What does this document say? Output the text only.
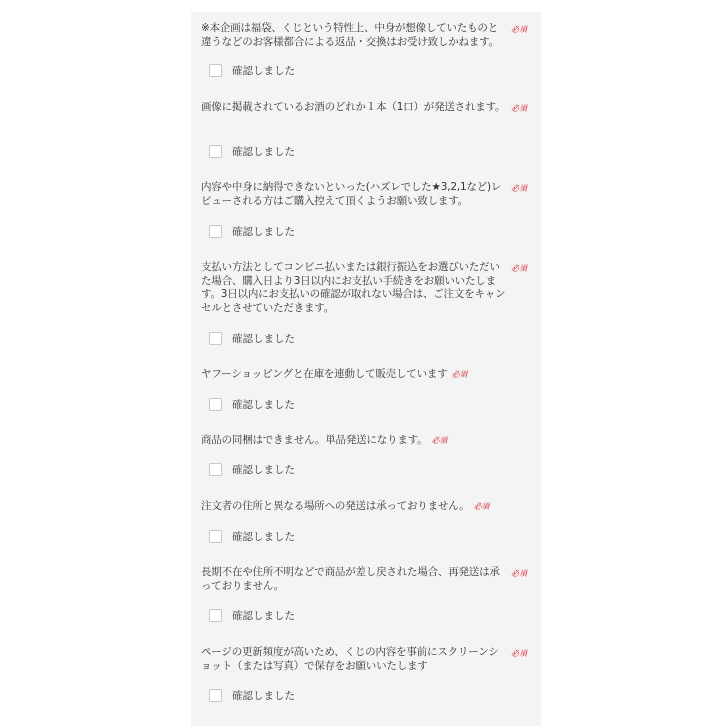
※本企画は福袋、くじという特性上、中身が想像していたものと違うなどのお客様都合による返品・交換はお受け致しかねます。
必須
確認しました
画像に掲載されているお酒のどれか１本（1口）が発送されます。 必須
確認しました
内容や中身に納得できないといった(ハズレでした★3,2,1など)レビューされる方はご購入控えて頂くようお願い致します。
必須
確認しました
支払い方法としてコンビニ払いまたは銀行振込をお選びいただいた場合、購入日より3日以内にお支払い手続きをお願いいたします。3日以内にお支払いの確認が取れない場合は、ご注文をキャンセルとさせていただきます。
必須
確認しました
ヤフーショッピングと在庫を連動して販売しています 必須
確認しました
商品の同梱はできません。単品発送になります。 必須
確認しました
注文者の住所と異なる場所への発送は承っておりません。 必須
確認しました
長期不在や住所不明などで商品が差し戻された場合、再発送は承っておりません。
必須
確認しました
ページの更新頻度が高いため、くじの内容を事前にスクリーンショット（または写真）で保存をお願いいたします
必須
確認しました
